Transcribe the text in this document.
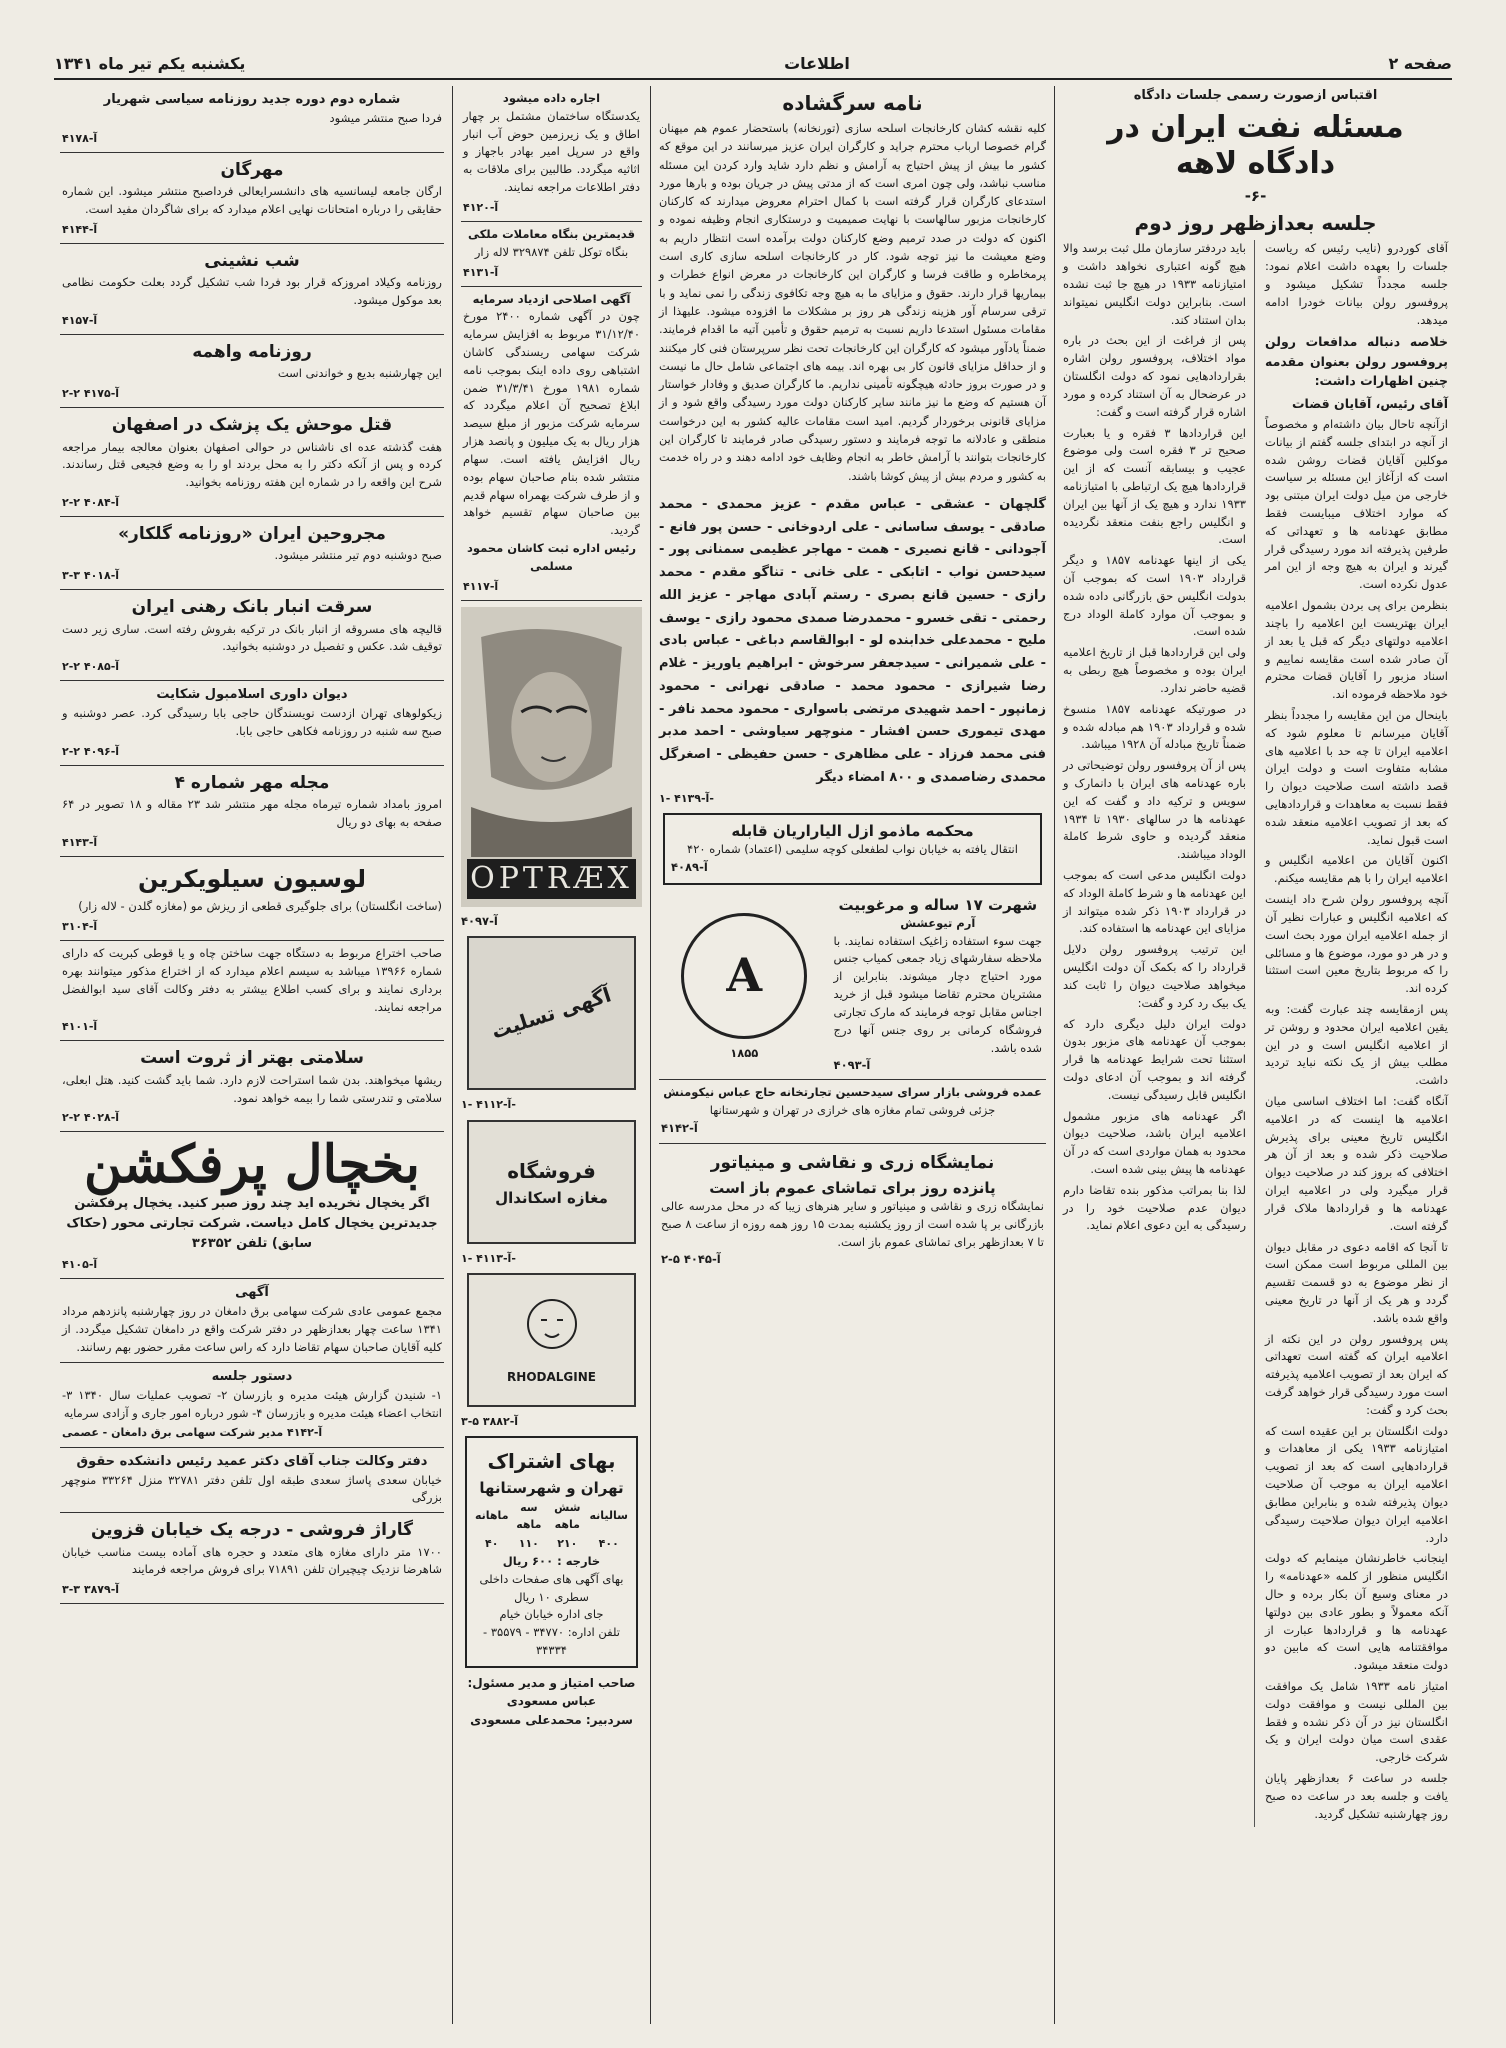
صفحه ۲
اطلاعات
یکشنبه یکم تیر ماه ۱۳۴۱
اقتباس ازصورت رسمی جلسات دادگاه
مسئله نفت ایران در دادگاه لاهه
-۶-
جلسه بعدازظهر روز دوم
آقای کوردرو (نایب رئیس که ریاست جلسات را بعهده داشت اعلام نمود: جلسه مجدداً تشکیل میشود و پروفسور رولن بیانات خودرا ادامه میدهد.
خلاصه دنباله مدافعات رولن پروفسور رولن بعنوان مقدمه چنین اظهارات داشت:
آقای رئیس، آقایان قضات
ازآنچه تاحال بیان داشته‌ام و مخصوصاً از آنچه در ابتدای جلسه گفتم از بیانات موکلین آقایان قضات روشن شده است که ازآغاز این مسئله بر سیاست خارجی من میل دولت ایران مبتنی بود که موارد اختلاف میبایست فقط مطابق عهدنامه ها و تعهداتی که طرفین پذیرفته اند مورد رسیدگی قرار گیرند و ایران به هیچ وجه از این امر عدول نکرده است.
بنظرمن برای پی بردن بشمول اعلامیه ایران بهتریست این اعلامیه را باچند اعلامیه دولتهای دیگر که قبل یا بعد از آن صادر شده است مقایسه نماییم و اسناد مزبور را آقایان قضات محترم خود ملاحظه فرموده اند.
باینحال من این مقایسه را مجدداً بنظر آقایان میرسانم تا معلوم شود که اعلامیه ایران تا چه حد با اعلامیه های مشابه متفاوت است و دولت ایران قصد داشته است صلاحیت دیوان را فقط نسبت به معاهدات و قراردادهایی که بعد از تصویب اعلامیه منعقد شده است قبول نماید.
اکنون آقایان من اعلامیه انگلیس و اعلامیه ایران را با هم مقایسه میکنم.
آنچه پروفسور رولن شرح داد اینست که اعلامیه انگلیس و عبارات نظیر آن از جمله اعلامیه ایران مورد بحث است و در هر دو مورد، موضوع ها و مسائلی را که مربوط بتاریخ معین است استثنا کرده اند.
پس ازمقایسه چند عبارت گفت: وبه یقین اعلامیه ایران محدود و روشن تر از اعلامیه انگلیس است و در این مطلب بیش از یک نکته نباید تردید داشت.
آنگاه گفت: اما اختلاف اساسی میان اعلامیه ها اینست که در اعلامیه انگلیس تاریخ معینی برای پذیرش صلاحیت ذکر شده و بعد از آن هر اختلافی که بروز کند در صلاحیت دیوان قرار میگیرد ولی در اعلامیه ایران عهدنامه ها و قراردادها ملاک قرار گرفته است.
تا آنجا که اقامه دعوی در مقابل دیوان بین المللی مربوط است ممکن است از نظر موضوع به دو قسمت تقسیم گردد و هر یک از آنها در تاریخ معینی واقع شده باشد.
پس پروفسور رولن در این نکته از اعلامیه ایران که گفته است تعهداتی که ایران بعد از تصویب اعلامیه پذیرفته است مورد رسیدگی قرار خواهد گرفت بحث کرد و گفت:
دولت انگلستان بر این عقیده است که امتیازنامه ۱۹۳۳ یکی از معاهدات و قراردادهایی است که بعد از تصویب اعلامیه ایران به موجب آن صلاحیت دیوان پذیرفته شده و بنابراین مطابق اعلامیه ایران دیوان صلاحیت رسیدگی دارد.
اینجانب خاطرنشان مینمایم که دولت انگلیس منظور از کلمه «عهدنامه» را در معنای وسیع آن بکار برده و حال آنکه معمولاً و بطور عادی بین دولتها عهدنامه ها و قراردادها عبارت از موافقتنامه هایی است که مابین دو دولت منعقد میشود.
امتیاز نامه ۱۹۳۳ شامل یک موافقت بین المللی نیست و موافقت دولت انگلستان نیز در آن ذکر نشده و فقط عقدی است میان دولت ایران و یک شرکت خارجی.
جلسه در ساعت ۶ بعدازظهر پایان یافت و جلسه بعد در ساعت ده صبح روز چهارشنبه تشکیل گردید.
باید دردفتر سازمان ملل ثبت برسد والا هیچ گونه اعتباری نخواهد داشت و امتیازنامه ۱۹۳۳ در هیچ جا ثبت نشده است. بنابراین دولت انگلیس نمیتواند بدان استناد کند.
پس از فراغت از این بحث در باره مواد اختلاف، پروفسور رولن اشاره بقراردادهایی نمود که دولت انگلستان در عرضحال به آن استناد کرده و مورد اشاره قرار گرفته است و گفت:
این قراردادها ۳ فقره و یا بعبارت صحیح تر ۳ فقره است ولی موضوع عجیب و بیسابقه آنست که از این قراردادها هیچ یک ارتباطی با امتیازنامه ۱۹۳۳ ندارد و هیچ یک از آنها بین ایران و انگلیس راجع بنفت منعقد نگردیده است.
یکی از اینها عهدنامه ۱۸۵۷ و دیگر قرارداد ۱۹۰۳ است که بموجب آن بدولت انگلیس حق بازرگانی داده شده و بموجب آن موارد کاملة الوداد درج شده است.
ولی این قراردادها قبل از تاریخ اعلامیه ایران بوده و مخصوصاً هیچ ربطی به قضیه حاضر ندارد.
در صورتیکه عهدنامه ۱۸۵۷ منسوخ شده و قرارداد ۱۹۰۳ هم مبادله شده و ضمناً تاریخ مبادله آن ۱۹۲۸ میباشد.
پس از آن پروفسور رولن توضیحاتی در باره عهدنامه های ایران با دانمارک و سویس و ترکیه داد و گفت که این عهدنامه ها در سالهای ۱۹۳۰ تا ۱۹۳۴ منعقد گردیده و حاوی شرط کاملة الوداد میباشند.
دولت انگلیس مدعی است که بموجب این عهدنامه ها و شرط کاملة الوداد که در قرارداد ۱۹۰۳ ذکر شده میتواند از مزایای این عهدنامه ها استفاده کند.
این ترتیب پروفسور رولن دلایل قرارداد را که بکمک آن دولت انگلیس میخواهد صلاحیت دیوان را ثابت کند یک بیک رد کرد و گفت:
دولت ایران دلیل دیگری دارد که بموجب آن عهدنامه های مزبور بدون استثنا تحت شرایط عهدنامه ها قرار گرفته اند و بموجب آن ادعای دولت انگلیس قابل رسیدگی نیست.
اگر عهدنامه های مزبور مشمول اعلامیه ایران باشد، صلاحیت دیوان محدود به همان مواردی است که در آن عهدنامه ها پیش بینی شده است.
لذا بنا بمراتب مذکور بنده تقاضا دارم دیوان عدم صلاحیت خود را در رسیدگی به این دعوی اعلام نماید.
نامه سرگشاده
کلیه نقشه کشان کارخانجات اسلحه سازی (تورنخانه) باستحضار عموم هم میهنان گرام خصوصا ارباب محترم جراید و کارگران ایران عزیز میرسانند در این موقع که کشور ما بیش از پیش احتیاج به آرامش و نظم دارد شاید وارد کردن این مسئله مناسب نباشد، ولی چون امری است که از مدتی پیش در جریان بوده و بارها مورد استدعای کارگران قرار گرفته است با کمال احترام معروض میدارند که کارکنان کارخانجات مزبور سالهاست با نهایت صمیمیت و درستکاری انجام وظیفه نموده و اکنون که دولت در صدد ترمیم وضع کارکنان دولت برآمده است انتظار داریم به وضع معیشت ما نیز توجه شود. کار در کارخانجات اسلحه سازی کاری است پرمخاطره و طاقت فرسا و کارگران این کارخانجات در معرض انواع خطرات و بیماریها قرار دارند. حقوق و مزایای ما به هیچ وجه تکافوی زندگی را نمی نماید و با ترقی سرسام آور هزینه زندگی هر روز بر مشکلات ما افزوده میشود. علیهذا از مقامات مسئول استدعا داریم نسبت به ترمیم حقوق و تأمین آتیه ما اقدام فرمایند. ضمناً یادآور میشود که کارگران این کارخانجات تحت نظر سرپرستان فنی کار میکنند و از حداقل مزایای قانون کار بی بهره اند. بیمه های اجتماعی شامل حال ما نیست و در صورت بروز حادثه هیچگونه تأمینی نداریم. ما کارگران صدیق و وفادار خواستار آن هستیم که وضع ما نیز مانند سایر کارکنان دولت مورد رسیدگی واقع شود و از مزایای قانونی برخوردار گردیم. امید است مقامات عالیه کشور به این درخواست منطقی و عادلانه ما توجه فرمایند و دستور رسیدگی صادر فرمایند تا کارگران این کارخانجات بتوانند با آرامش خاطر به انجام وظایف خود ادامه دهند و در راه خدمت به کشور و مردم بیش از پیش کوشا باشند.
گلچهان - عشقی - عباس مقدم - عزیز محمدی - محمد صادقی - یوسف ساسانی - علی اردوخانی - حسن پور فانع - آجودانی - قانع نصیری - همت - مهاجر عظیمی سمنانی پور - سیدحسن نواب - اتابکی - علی خانی - تناگو مقدم - محمد رازی - حسین قانع بصری - رستم آبادی مهاجر - عزیز الله رحمتی - تقی خسرو - محمدرضا صمدی محمود رازی - یوسف ملیح - محمدعلی خدابنده لو - ابوالقاسم دباغی - عباس بادی - علی شمیرانی - سیدجعفر سرخوش - ابراهیم یاوریز - غلام رضا شیرازی - محمود محمد - صادقی نهرانی - محمود زمانپور - احمد شهیدی مرتضی باسواری - محمود محمد نافر - مهدی تیموری حسن افشار - منوچهر سیاوشی - احمد مدبر فنی محمد فرزاد - علی مظاهری - حسن حفیظی - اصغرگل محمدی رضاصمدی و ۸۰۰ امضاء دیگر
آ-۴۱۳۹ -۱-
محکمه ماذمو ازل الیاراریان قابله
انتقال یافته به خیابان نواب لطفعلی کوچه سلیمی (اعتماد) شماره ۴۲۰
آ-۴۰۸۹
شهرت ۱۷ ساله و مرغوبیت
آرم تیوعشش
جهت سوء استفاده زاغیک استفاده نمایند. با ملاحظه سفارشهای زیاد جمعی کمیاب جنس مورد احتیاج دچار میشوند. بنابراین از مشتریان محترم تقاضا میشود قبل از خرید اجناس مقابل توجه فرمایند که مارک تجارتی فروشگاه کرمانی بر روی جنس آنها درج شده باشد.
آ-۴۰۹۳
A
۱۸۵۵
عمده فروشی بازار سرای سیدحسین تجارتخانه حاج عباس نیکومنش
جزئی فروشی تمام مغازه های خرازی در تهران و شهرستانها
آ-۴۱۴۲
نمایشگاه زری و نقاشی و مینیاتور
پانزده روز برای تماشای عموم باز است
نمایشگاه زری و نقاشی و مینیاتور و سایر هنرهای زیبا که در محل مدرسه عالی بازرگانی بر پا شده است از روز یکشنبه بمدت ۱۵ روز همه روزه از ساعت ۸ صبح تا ۷ بعدازظهر برای تماشای عموم باز است.
آ-۴۰۴۵ ۵-۲
اجاره داده میشود
یکدستگاه ساختمان مشتمل بر چهار اطاق و یک زیرزمین حوض آب انبار واقع در سرپل امیر بهادر باجهاز و اثاثیه میگردد. طالبین برای ملاقات به دفتر اطلاعات مراجعه نمایند.
آ-۴۱۲۰
قدیمترین بنگاه معاملات ملکی
بنگاه توکل تلفن ۳۲۹۸۷۴ لاله زار
آ-۴۱۳۱
آگهی اصلاحی ازدیاد سرمایه
چون در آگهی شماره ۲۴۰۰ مورخ ۳۱/۱۲/۴۰ مربوط به افزایش سرمایه شرکت سهامی ریسندگی کاشان اشتباهی روی داده اینک بموجب نامه شماره ۱۹۸۱ مورخ ۳۱/۳/۴۱ ضمن ابلاغ تصحیح آن اعلام میگردد که سرمایه شرکت مزبور از مبلغ سیصد هزار ریال به یک میلیون و پانصد هزار ریال افزایش یافته است. سهام منتشر شده بنام صاحبان سهام بوده و از طرف شرکت بهمراه سهام قدیم بین صاحبان سهام تقسیم خواهد گردید.
رئیس اداره ثبت کاشان محمود مسلمی
آ-۴۱۱۷
OPTRÆX
آ-۴۰۹۷
آگهی تسلیت
آ-۴۱۱۲ -۱-
فروشگاه
مغازه اسکاندال
آ-۴۱۱۳ -۱-
RHODALGINE
آ-۳۸۸۲ ۵-۳
بهای اشتراک
تهران و شهرستانها
سالیانه	شش ماهه	سه ماهه	ماهانه
۴۰۰	۲۱۰	۱۱۰	۴۰
خارجه : ۶۰۰ ریال
بهای آگهی های صفحات داخلی سطری ۱۰ ریال
جای اداره خیابان خیام
تلفن اداره: ۳۴۷۷۰ - ۳۵۵۷۹ - ۳۴۳۳۴
صاحب امتیاز و مدیر مسئول: عباس مسعودی
سردبیر: محمدعلی مسعودی
شماره دوم دوره جدید روزنامه سیاسی شهریار
فردا صبح منتشر میشود
آ-۴۱۷۸
مهرگان
ارگان جامعه لیسانسیه های دانشسرایعالی فرداصبح منتشر میشود. این شماره حقایقی را درباره امتحانات نهایی اعلام میدارد که برای شاگردان مفید است.
آ-۴۱۴۴
شب نشینی
روزنامه وکیلاد امروزکه قرار بود فردا شب تشکیل گردد بعلت حکومت نظامی بعد موکول میشود.
آ-۴۱۵۷
روزنامه واهمه
این چهارشنبه بدیع و خواندنی است
آ-۴۱۷۵ ۲-۲
قتل موحش یک پزشک در اصفهان
هفت گذشته عده ای ناشناس در حوالی اصفهان بعنوان معالجه بیمار مراجعه کرده و پس از آنکه دکتر را به محل بردند او را به وضع فجیعی قتل رساندند. شرح این واقعه را در شماره این هفته روزنامه بخوانید.
آ-۴۰۸۴ ۲-۲
مجروحین ایران «روزنامه گلکار»
صبح دوشنبه دوم تیر منتشر میشود.
آ-۴۰۱۸ ۳-۳
سرقت انبار بانک رهنی ایران
قالیچه های مسروقه از انبار بانک در ترکیه بفروش رفته است. ساری زیر دست توقیف شد. عکس و تفصیل در دوشنبه بخوانید.
آ-۴۰۸۵ ۲-۲
دیوان داوری اسلامبول شکایت
زیکولوهای تهران ازدست نویسندگان حاجی بابا رسیدگی کرد. عصر دوشنبه و صبح سه شنبه در روزنامه فکاهی حاجی بابا.
آ-۴۰۹۶ ۲-۲
مجله مهر شماره ۴
امروز بامداد شماره تیرماه مجله مهر منتشر شد ۲۳ مقاله و ۱۸ تصویر در ۶۴ صفحه به بهای دو ریال
آ-۴۱۴۳
لوسیون سیلویکرین
(ساخت انگلستان) برای جلوگیری قطعی از ریزش مو (مغازه گلدن - لاله زار)
آ-۳۱۰۴
صاحب اختراع مربوط به دستگاه جهت ساختن چاه و یا قوطی کبریت که دارای شماره ۱۳۹۶۶ میباشد به سیسم اعلام میدارد که از اختراع مذکور میتوانند بهره برداری نمایند و برای کسب اطلاع بیشتر به دفتر وکالت آقای سید ابوالفضل مراجعه نمایند.
آ-۴۱۰۱
سلامتی بهتر از ثروت است
ریشها میخواهند. بدن شما استراحت لازم دارد. شما باید گشت کنید. هتل ابعلی، سلامتی و تندرستی شما را بیمه خواهد نمود.
آ-۴۰۲۸ ۲-۲
بخچال پرفکشن
اگر یخچال نخریده اید چند روز صبر کنید. یخچال پرفکشن جدیدترین یخچال کامل دیاست. شرکت تجارتی محور (حکاک سابق) تلفن ۳۶۳۵۲
آ-۴۱۰۵
آگهی
مجمع عمومی عادی شرکت سهامی برق دامغان در روز چهارشنبه پانزدهم مرداد ۱۳۴۱ ساعت چهار بعدازظهر در دفتر شرکت واقع در دامغان تشکیل میگردد. از کلیه آقایان صاحبان سهام تقاضا دارد که راس ساعت مقرر حضور بهم رسانند.
دستور جلسه
۱- شنیدن گزارش هیئت مدیره و بازرسان ۲- تصویب عملیات سال ۱۳۴۰ ۳- انتخاب اعضاء هیئت مدیره و بازرسان ۴- شور درباره امور جاری و آزادی سرمایه
آ-۴۱۴۲ مدیر شرکت سهامی برق دامغان - عصمی
دفتر وکالت جناب آقای دکتر عمید رئیس دانشکده حقوق
خیابان سعدی پاساژ سعدی طبقه اول تلفن دفتر ۳۲۷۸۱ منزل ۳۳۲۶۴ منوچهر بزرگی
گاراژ فروشی - درجه یک خیابان قزوین
۱۷۰۰ متر دارای مغازه های متعدد و حجره های آماده بیست مناسب خیابان شاهرضا نزدیک چیچیران تلفن ۷۱۸۹۱ برای فروش مراجعه فرمایند
آ-۳۸۷۹ ۳-۳
